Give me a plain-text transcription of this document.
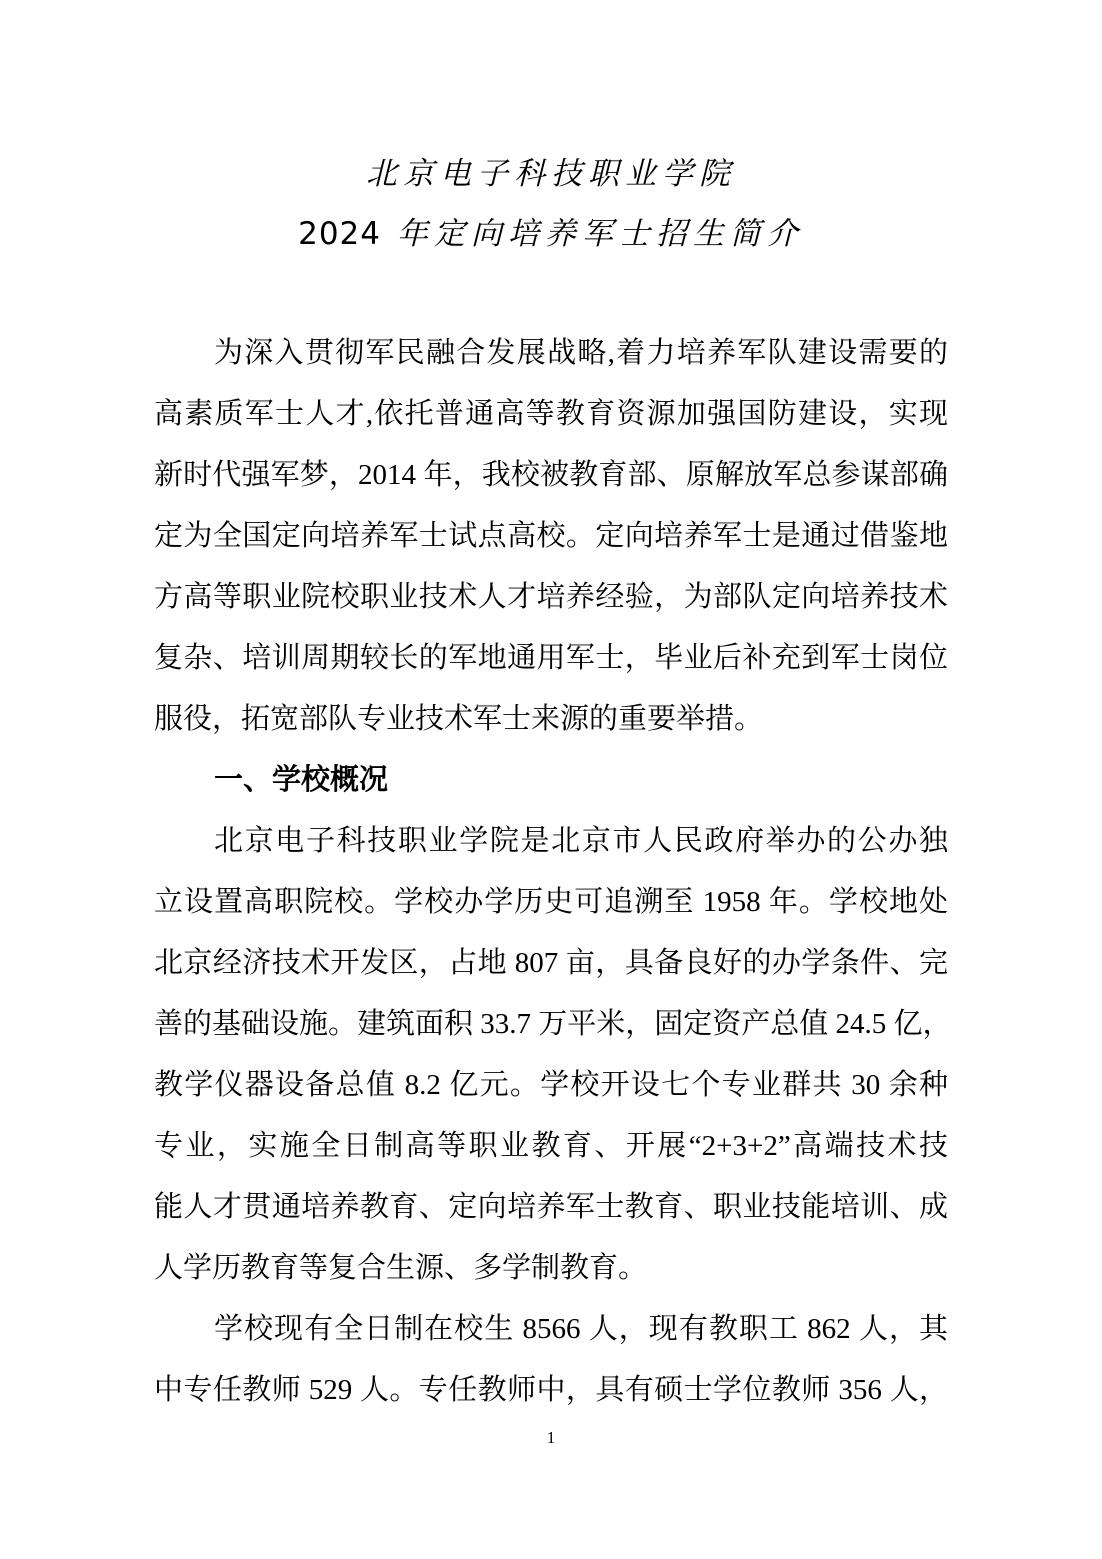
北京电子科技职业学院
2024 年定向培养军士招生简介
为深入贯彻军民融合发展战略,着力培养军队建设需要的
高素质军士人才,依托普通高等教育资源加强国防建设，实现
新时代强军梦，2014 年，我校被教育部、原解放军总参谋部确
定为全国定向培养军士试点高校。定向培养军士是通过借鉴地
方高等职业院校职业技术人才培养经验，为部队定向培养技术
复杂、培训周期较长的军地通用军士，毕业后补充到军士岗位
服役，拓宽部队专业技术军士来源的重要举措。
一、学校概况
北京电子科技职业学院是北京市人民政府举办的公办独
立设置高职院校。学校办学历史可追溯至 1958 年。学校地处
北京经济技术开发区，占地 807 亩，具备良好的办学条件、完
善的基础设施。建筑面积 33.7 万平米，固定资产总值 24.5 亿，
教学仪器设备总值 8.2 亿元。学校开设七个专业群共 30 余种
专业，实施全日制高等职业教育、开展“2+3+2”高端技术技
能人才贯通培养教育、定向培养军士教育、职业技能培训、成
人学历教育等复合生源、多学制教育。
学校现有全日制在校生 8566 人，现有教职工 862 人，其
中专任教师 529 人。专任教师中，具有硕士学位教师 356 人，
1
